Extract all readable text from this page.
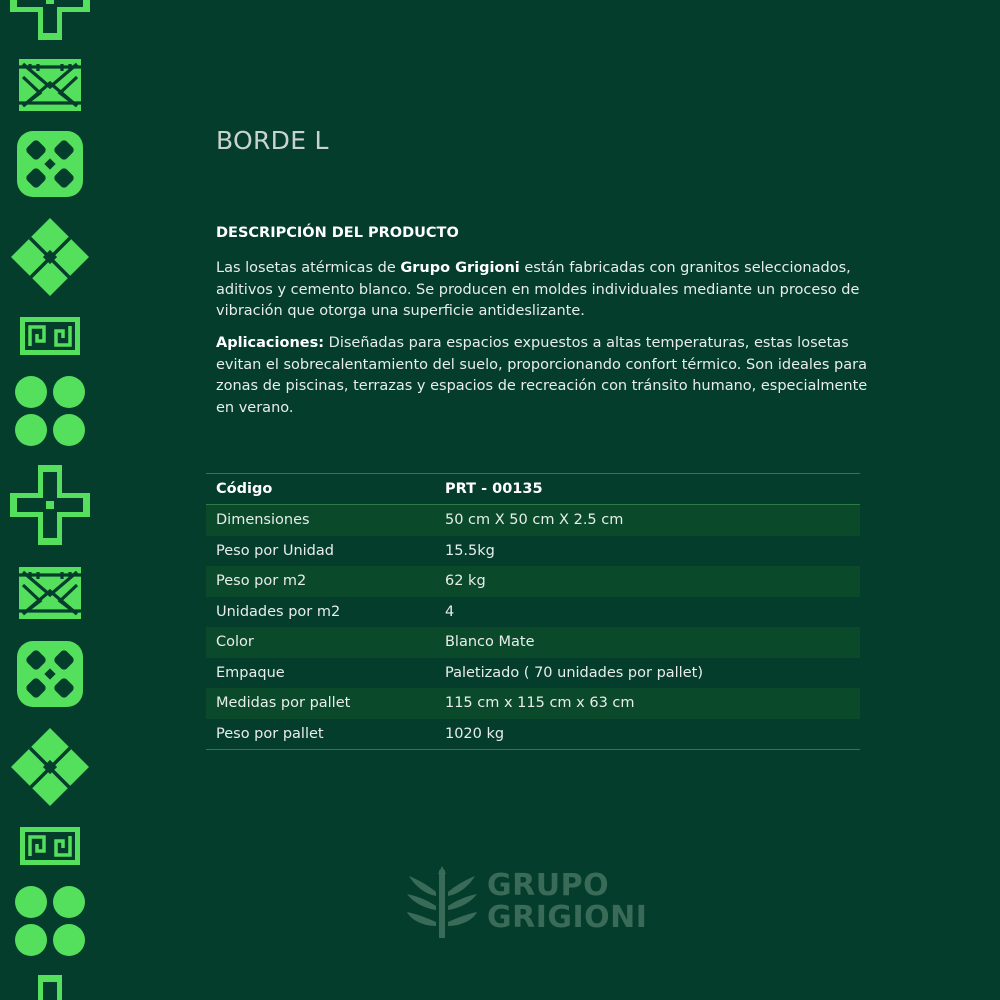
BORDE L
DESCRIPCIÓN DEL PRODUCTO

Las losetas atérmicas de Grupo Grigioni están fabricadas con granitos seleccionados, aditivos y cemento blanco. Se producen en moldes individuales mediante un proceso de vibración que otorga una superficie antideslizante.

Aplicaciones: Diseñadas para espacios expuestos a altas temperaturas, estas losetas evitan el sobrecalentamiento del suelo, proporcionando confort térmico. Son ideales para zonas de piscinas, terrazas y espacios de recreación con tránsito humano, especialmente en verano.

Código	PRT - 00135
Dimensiones	50 cm X 50 cm X 2.5 cm
Peso por Unidad	15.5kg
Peso por m2	62 kg
Unidades por m2	4
Color	Blanco Mate
Empaque	Paletizado ( 70 unidades por pallet)
Medidas por pallet	115 cm x 115 cm x 63 cm
Peso por pallet	1020 kg
GRUPO
GRIGIONI
